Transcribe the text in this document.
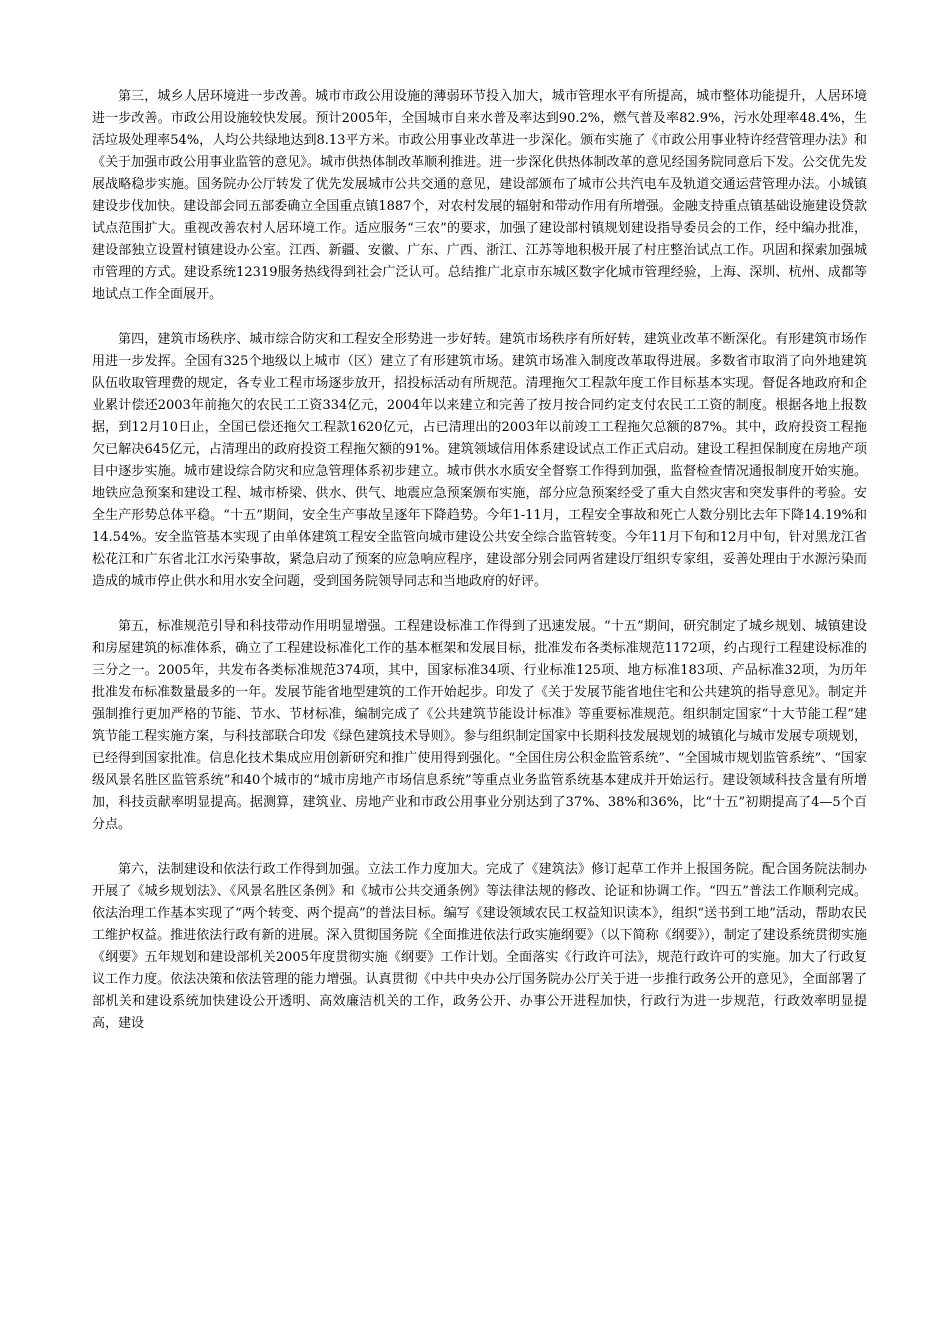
第三，城乡人居环境进一步改善。城市市政公用设施的薄弱环节投入加大，城市管理水平有所提高，城市整体功能提升，人居环境进一步改善。市政公用设施较快发展。预计2005年，全国城市自来水普及率达到90.2%，燃气普及率82.9%，污水处理率48.4%，生活垃圾处理率54%，人均公共绿地达到8.13平方米。市政公用事业改革进一步深化。颁布实施了《市政公用事业特许经营管理办法》和《关于加强市政公用事业监管的意见》。城市供热体制改革顺利推进。进一步深化供热体制改革的意见经国务院同意后下发。公交优先发展战略稳步实施。国务院办公厅转发了优先发展城市公共交通的意见，建设部颁布了城市公共汽电车及轨道交通运营管理办法。小城镇建设步伐加快。建设部会同五部委确立全国重点镇1887个，对农村发展的辐射和带动作用有所增强。金融支持重点镇基础设施建设贷款试点范围扩大。重视改善农村人居环境工作。适应服务“三农”的要求，加强了建设部村镇规划建设指导委员会的工作，经中编办批准，建设部独立设置村镇建设办公室。江西、新疆、安徽、广东、广西、浙江、江苏等地积极开展了村庄整治试点工作。巩固和探索加强城市管理的方式。建设系统12319服务热线得到社会广泛认可。总结推广北京市东城区数字化城市管理经验，上海、深圳、杭州、成都等地试点工作全面展开。

第四，建筑市场秩序、城市综合防灾和工程安全形势进一步好转。建筑市场秩序有所好转，建筑业改革不断深化。有形建筑市场作用进一步发挥。全国有325个地级以上城市（区）建立了有形建筑市场。建筑市场准入制度改革取得进展。多数省市取消了向外地建筑队伍收取管理费的规定，各专业工程市场逐步放开，招投标活动有所规范。清理拖欠工程款年度工作目标基本实现。督促各地政府和企业累计偿还2003年前拖欠的农民工工资334亿元，2004年以来建立和完善了按月按合同约定支付农民工工资的制度。根据各地上报数据，到12月10日止，全国已偿还拖欠工程款1620亿元，占已清理出的2003年以前竣工工程拖欠总额的87%。其中，政府投资工程拖欠已解决645亿元，占清理出的政府投资工程拖欠额的91%。建筑领域信用体系建设试点工作正式启动。建设工程担保制度在房地产项目中逐步实施。城市建设综合防灾和应急管理体系初步建立。城市供水水质安全督察工作得到加强，监督检查情况通报制度开始实施。地铁应急预案和建设工程、城市桥梁、供水、供气、地震应急预案颁布实施，部分应急预案经受了重大自然灾害和突发事件的考验。安全生产形势总体平稳。“十五”期间，安全生产事故呈逐年下降趋势。今年1-11月，工程安全事故和死亡人数分别比去年下降14.19%和14.54%。安全监管基本实现了由单体建筑工程安全监管向城市建设公共安全综合监管转变。今年11月下旬和12月中旬，针对黑龙江省松花江和广东省北江水污染事故，紧急启动了预案的应急响应程序，建设部分别会同两省建设厅组织专家组，妥善处理由于水源污染而造成的城市停止供水和用水安全问题，受到国务院领导同志和当地政府的好评。

第五，标准规范引导和科技带动作用明显增强。工程建设标准工作得到了迅速发展。“十五”期间，研究制定了城乡规划、城镇建设和房屋建筑的标准体系，确立了工程建设标准化工作的基本框架和发展目标，批准发布各类标准规范1172项，约占现行工程建设标准的三分之一。2005年，共发布各类标准规范374项，其中，国家标准34项、行业标准125项、地方标准183项、产品标准32项，为历年批准发布标准数量最多的一年。发展节能省地型建筑的工作开始起步。印发了《关于发展节能省地住宅和公共建筑的指导意见》。制定并强制推行更加严格的节能、节水、节材标准，编制完成了《公共建筑节能设计标准》等重要标准规范。组织制定国家“十大节能工程”建筑节能工程实施方案，与科技部联合印发《绿色建筑技术导则》。参与组织制定国家中长期科技发展规划的城镇化与城市发展专项规划，已经得到国家批准。信息化技术集成应用创新研究和推广使用得到强化。“全国住房公积金监管系统”、“全国城市规划监管系统”、“国家级风景名胜区监管系统”和40个城市的“城市房地产市场信息系统”等重点业务监管系统基本建成并开始运行。建设领域科技含量有所增加，科技贡献率明显提高。据测算，建筑业、房地产业和市政公用事业分别达到了37%、38%和36%，比“十五”初期提高了4—5个百分点。

第六，法制建设和依法行政工作得到加强。立法工作力度加大。完成了《建筑法》修订起草工作并上报国务院。配合国务院法制办开展了《城乡规划法》、《风景名胜区条例》和《城市公共交通条例》等法律法规的修改、论证和协调工作。“四五”普法工作顺利完成。依法治理工作基本实现了“两个转变、两个提高”的普法目标。编写《建设领域农民工权益知识读本》，组织“送书到工地”活动，帮助农民工维护权益。推进依法行政有新的进展。深入贯彻国务院《全面推进依法行政实施纲要》（以下简称《纲要》），制定了建设系统贯彻实施《纲要》五年规划和建设部机关2005年度贯彻实施《纲要》工作计划。全面落实《行政许可法》，规范行政许可的实施。加大了行政复议工作力度。依法决策和依法管理的能力增强。认真贯彻《中共中央办公厅国务院办公厅关于进一步推行政务公开的意见》，全面部署了部机关和建设系统加快建设公开透明、高效廉洁机关的工作，政务公开、办事公开进程加快，行政行为进一步规范，行政效率明显提高，建设
